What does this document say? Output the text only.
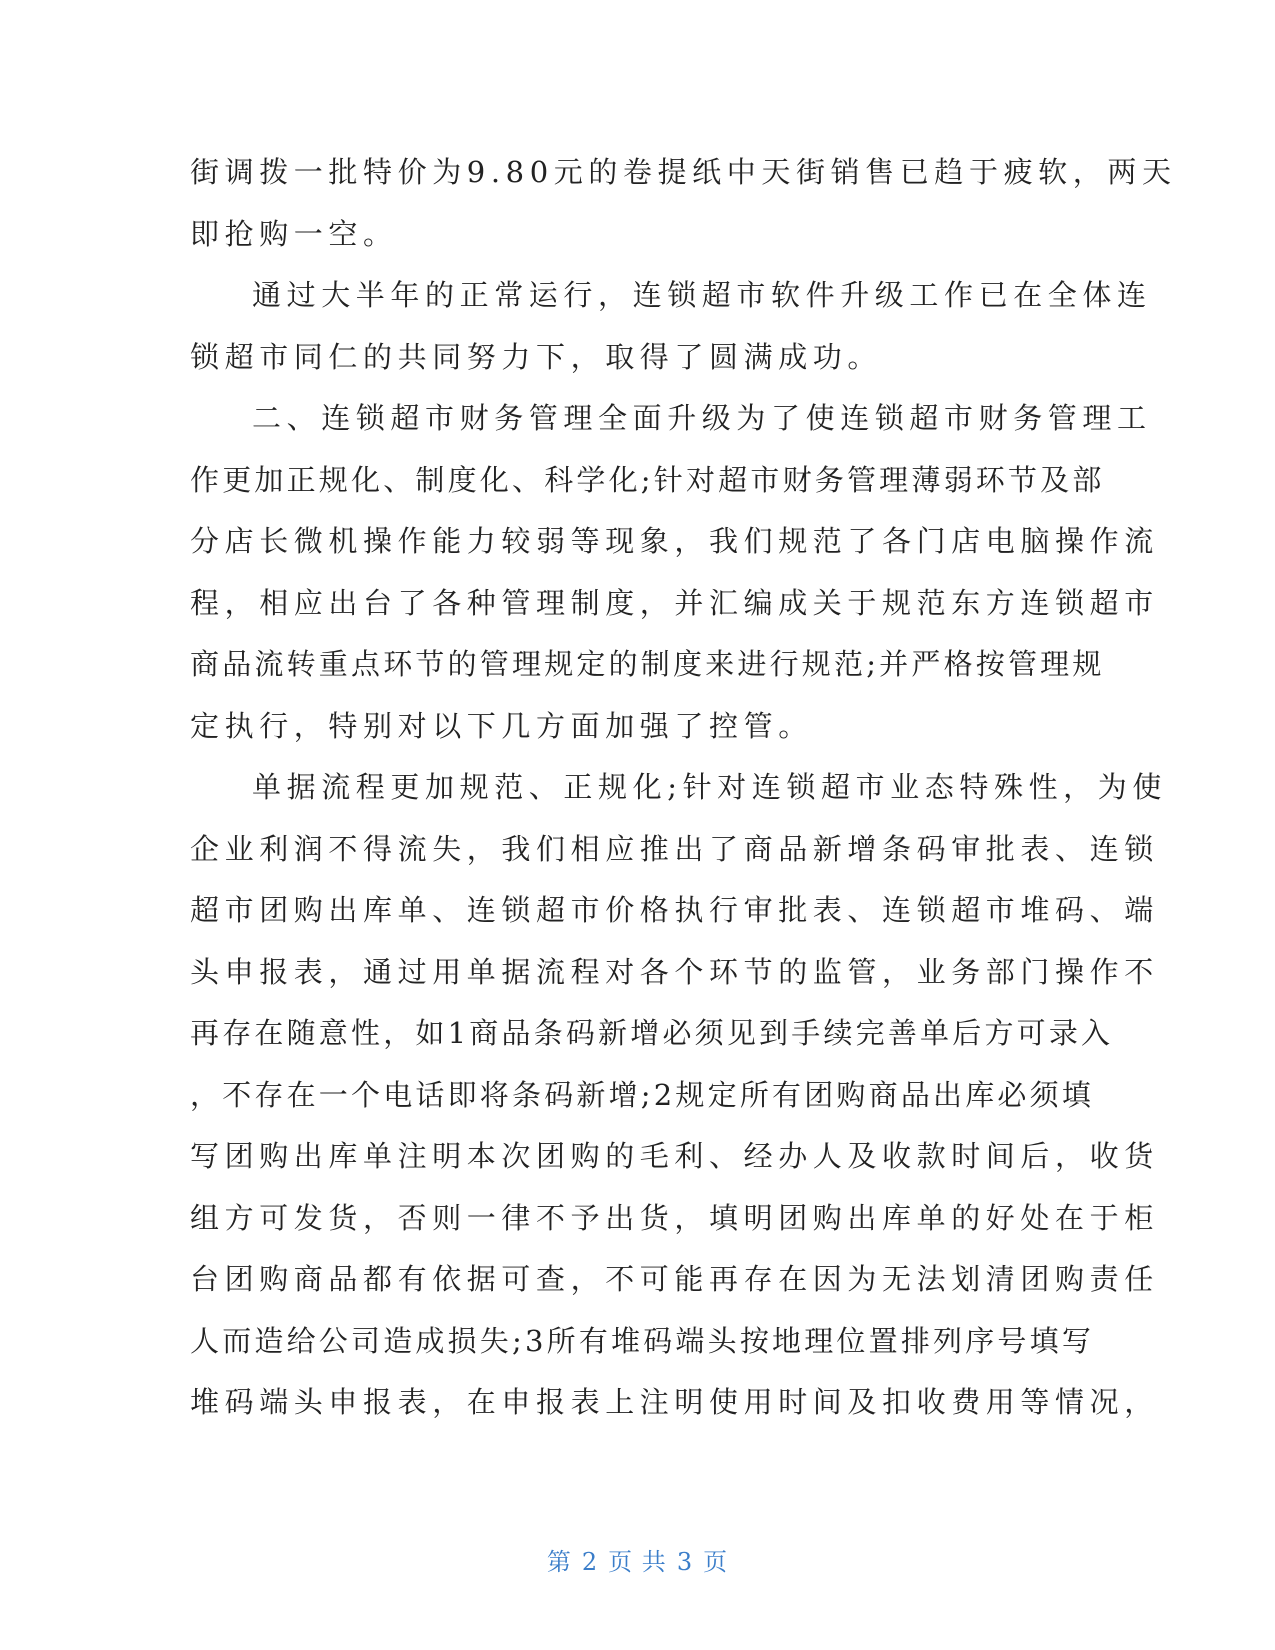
街调拨一批特价为9.80元的卷提纸中天街销售已趋于疲软，两天
即抢购一空。
通过大半年的正常运行，连锁超市软件升级工作已在全体连
锁超市同仁的共同努力下，取得了圆满成功。
二、连锁超市财务管理全面升级为了使连锁超市财务管理工
作更加正规化、制度化、科学化;针对超市财务管理薄弱环节及部
分店长微机操作能力较弱等现象，我们规范了各门店电脑操作流
程，相应出台了各种管理制度，并汇编成关于规范东方连锁超市
商品流转重点环节的管理规定的制度来进行规范;并严格按管理规
定执行，特别对以下几方面加强了控管。
单据流程更加规范、正规化;针对连锁超市业态特殊性，为使
企业利润不得流失，我们相应推出了商品新增条码审批表、连锁
超市团购出库单、连锁超市价格执行审批表、连锁超市堆码、端
头申报表，通过用单据流程对各个环节的监管，业务部门操作不
再存在随意性，如1商品条码新增必须见到手续完善单后方可录入
，不存在一个电话即将条码新增;2规定所有团购商品出库必须填
写团购出库单注明本次团购的毛利、经办人及收款时间后，收货
组方可发货，否则一律不予出货，填明团购出库单的好处在于柜
台团购商品都有依据可查，不可能再存在因为无法划清团购责任
人而造给公司造成损失;3所有堆码端头按地理位置排列序号填写
堆码端头申报表，在申报表上注明使用时间及扣收费用等情况，
第 2 页 共 3 页
